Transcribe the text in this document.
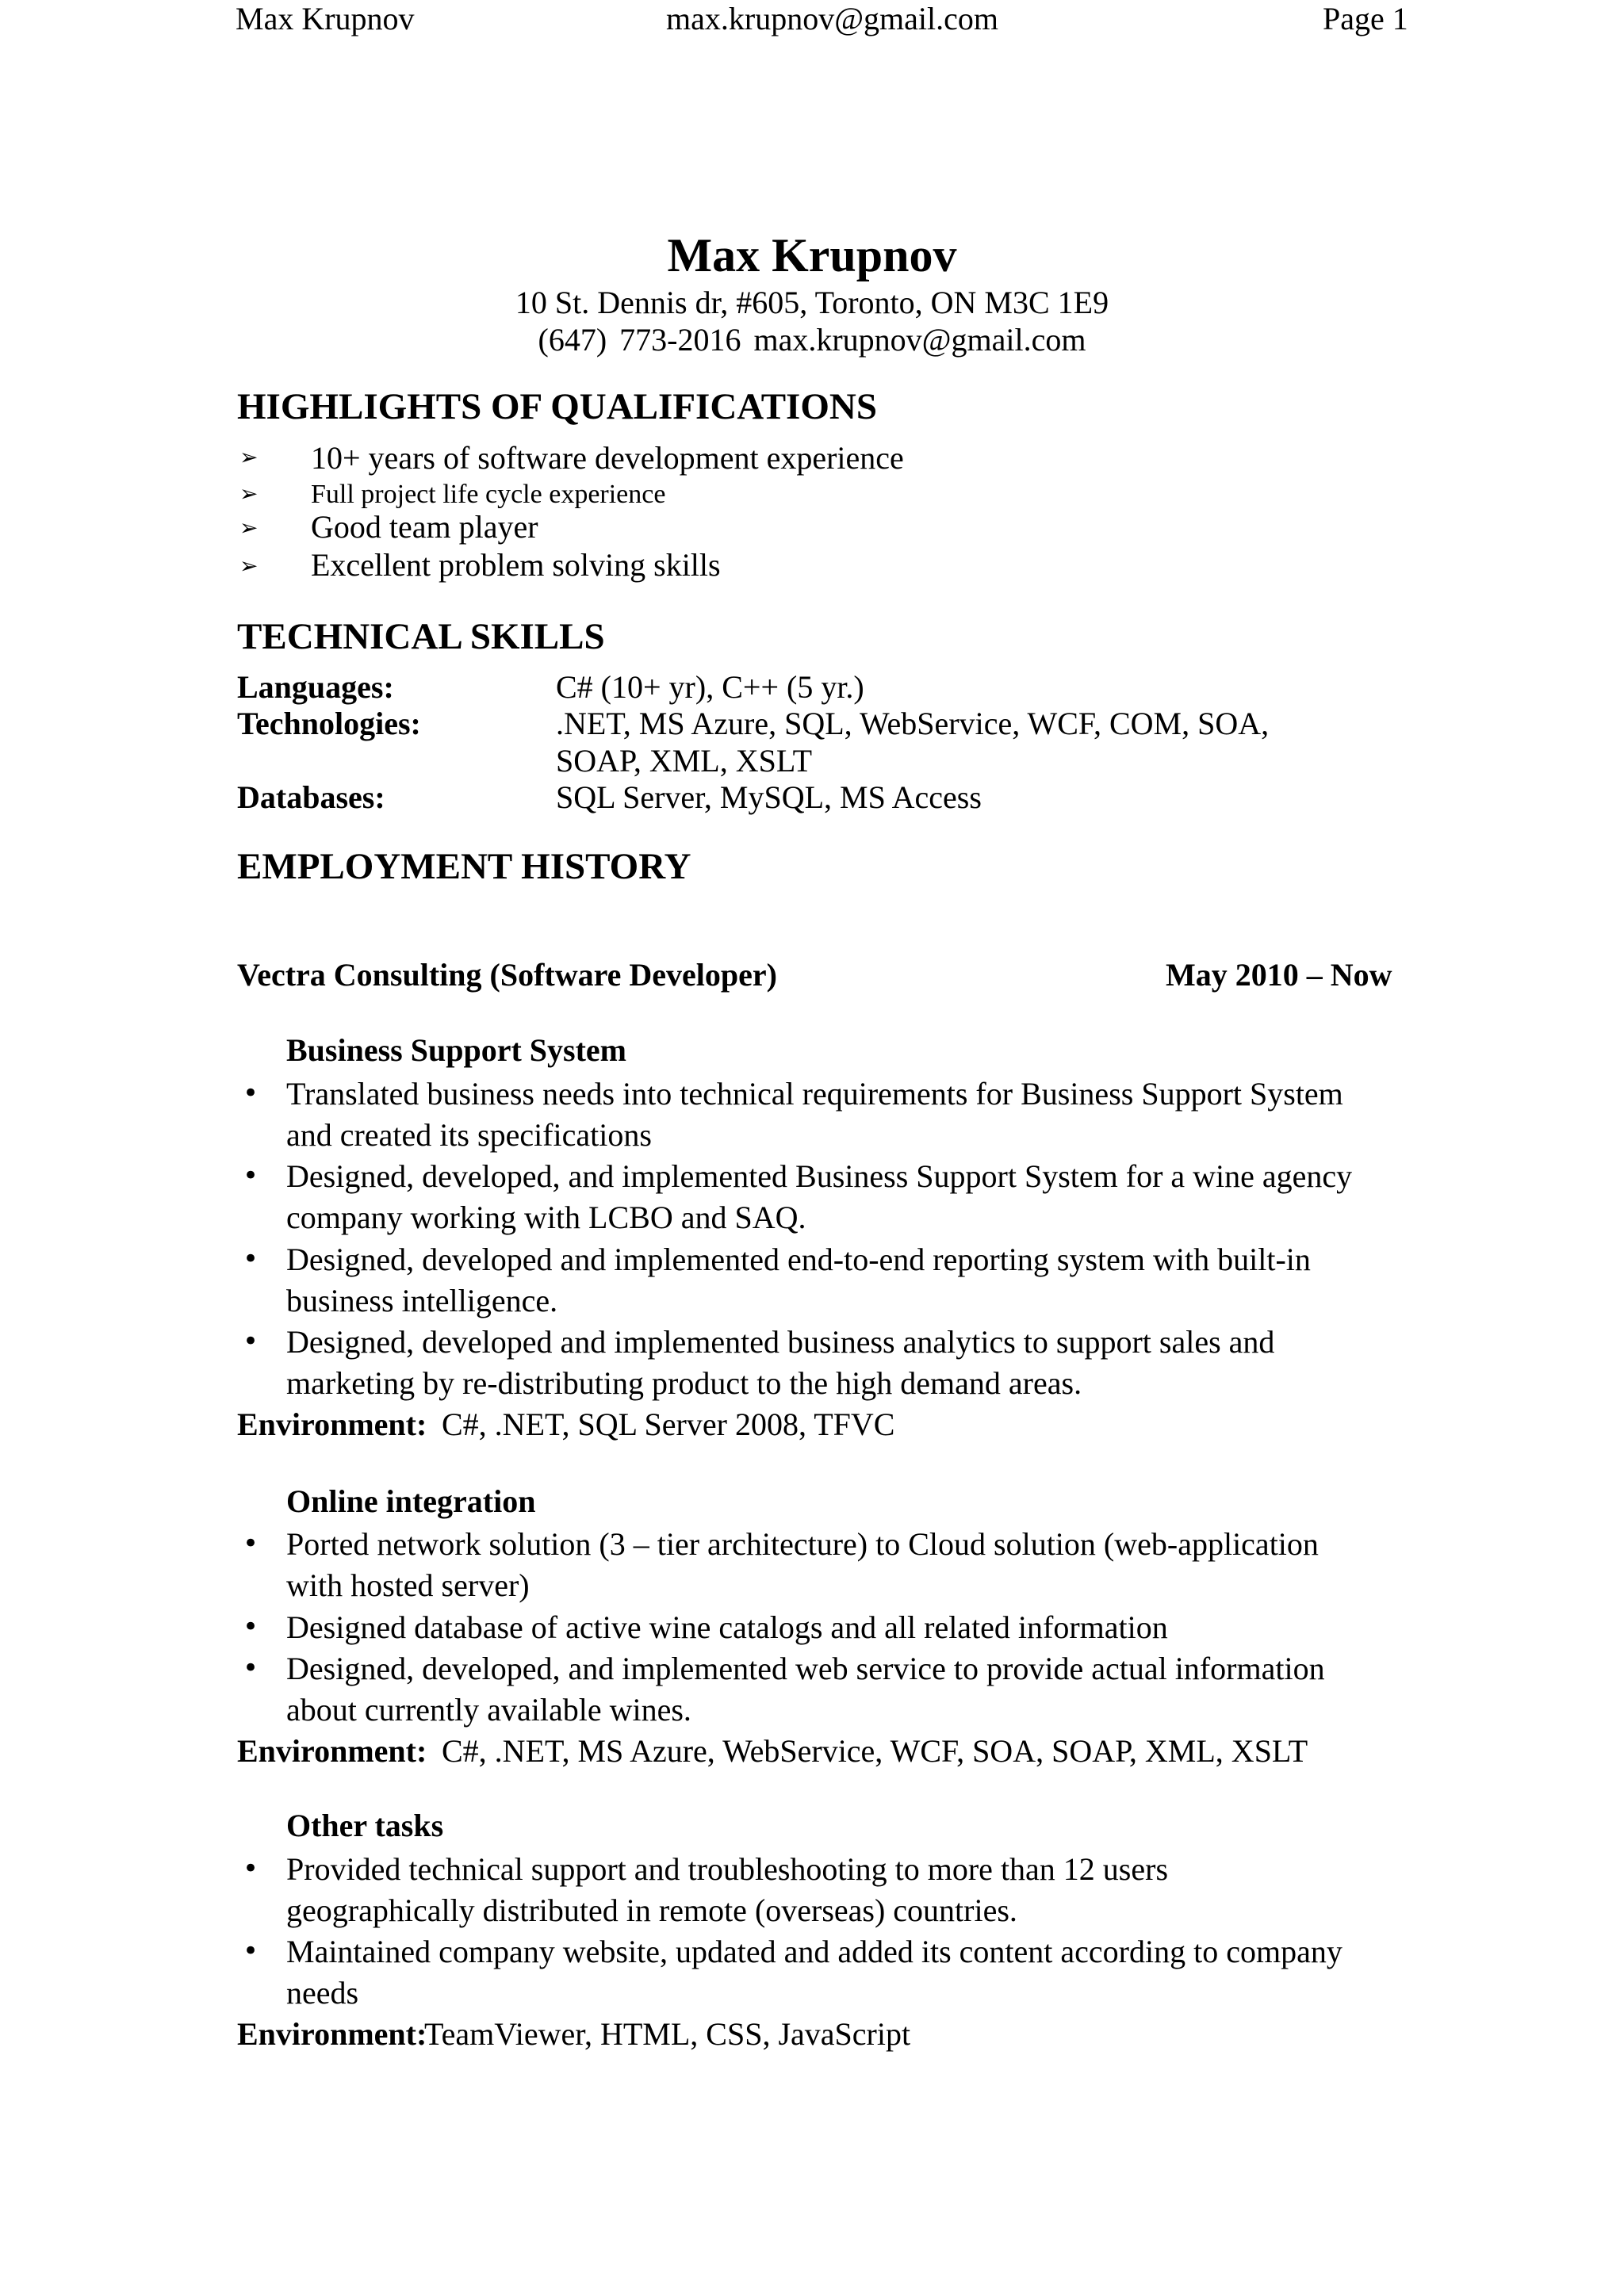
Max Krupnov	max.krupnov@gmail.com	Page 1
Max Krupnov
10 St. Dennis dr, #605, Toronto, ON M3C 1E9
(647) 773-2016 max.krupnov@gmail.com
HIGHLIGHTS OF QUALIFICATIONS
➢ 10+ years of software development experience
➢ Full project life cycle experience
➢ Good team player
➢ Excellent problem solving skills
TECHNICAL SKILLS
Languages:	C# (10+ yr), C++ (5 yr.)
Technologies:	.NET, MS Azure, SQL, WebService, WCF, COM, SOA,
SOAP, XML, XSLT
Databases:	SQL Server, MySQL, MS Access
EMPLOYMENT HISTORY
Vectra Consulting (Software Developer)	May 2010 – Now
Business Support System
• Translated business needs into technical requirements for Business Support System
and created its specifications
• Designed, developed, and implemented Business Support System for a wine agency
company working with LCBO and SAQ.
• Designed, developed and implemented end-to-end reporting system with built-in
business intelligence.
• Designed, developed and implemented business analytics to support sales and
marketing by re-distributing product to the high demand areas.
Environment: C#, .NET, SQL Server 2008, TFVC
Online integration
• Ported network solution (3 – tier architecture) to Cloud solution (web-application
with hosted server)
• Designed database of active wine catalogs and all related information
• Designed, developed, and implemented web service to provide actual information
about currently available wines.
Environment: C#, .NET, MS Azure, WebService, WCF, SOA, SOAP, XML, XSLT
Other tasks
• Provided technical support and troubleshooting to more than 12 users
geographically distributed in remote (overseas) countries.
• Maintained company website, updated and added its content according to company
needs
Environment:
TeamViewer, HTML, CSS, JavaScript
